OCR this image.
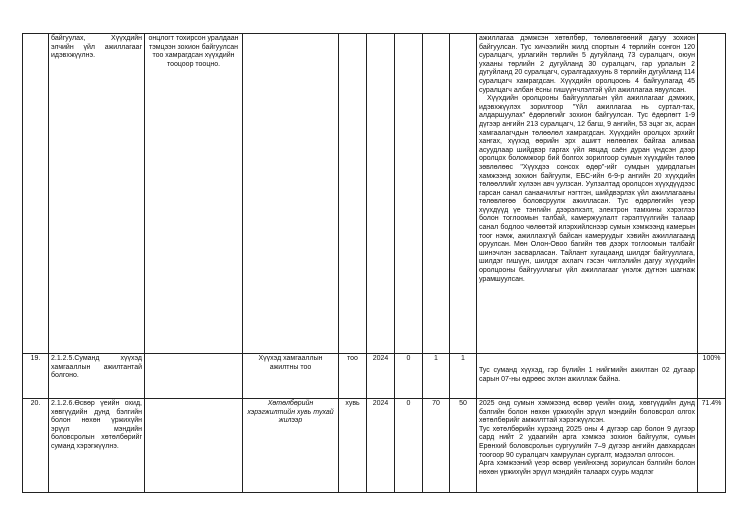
	байгуулах, Хүүхдийн элчийн үйл ажиллагааг идэвхжүүлнэ.	онцлогт тохирсон уралдаан тэмцээн зохион байгуулсан тоо хамрагдсан хүүхдийн тооцоор тооцно.							ажиллагаа дэмжсэн хөтөлбөр, төлөвлөгөөний дагуу зохион байгуулсан. Тус хичээлийн жилд спортын 4 төрлийн сонгон 120 суралцагч, урлагийн төрлийн 5 дугуйланд 73 суралцагч, оюун ухааны төрлийн 2 дугуйланд 30 суралцагч, гар урлалын 2 дугуйланд 20 суралцагч, суралгадахуунь 8 төрлийн дугуйланд 114 суралцагч хамрагдсан. Хүүхдийн оролцоонь 4 байгуулагад 45 суралцагч албан ёсны гишүүнчлэлтэй үйл ажиллагаа явуулсан.
Хүүхдийн оролцооны байгууллагын үйл ажиллагааг дэмжих, идэвхжүүлэх зорилгоор "Үйл ажиллагаа нь суртал-тах, алдаршуулах" ёдөрлөгийг зохион байгуулсан. Тус ёдөрлөгт 1-9 дүгээр ангийн 213 суралцагч, 12 багш, 9 ангийн, 53 эцэг эх, асран хамгаалагчдын төлөөлөл хамрагдсан. Хүүхдийн оролцох эрхийг хангах, хүүхэд өөрийн эрх ашигт нөлөөлөх байгаа аливаа асуудлаар шийдвэр гаргах үйл явцад саён дуран үндсэн дээр оролцох боломжоор бий болгох зорилгоор сумын хүүхдийн төлөө зөвлөлөөс "Хүүхдээ сонсох өдөр"-ийг сумдын удирдлагын хамжээнд зохион байгуулж, ЕБС-ийн 6-9-р ангийн 20 хүүхдийн төлөөллийг хүлээн авч уулзсан. Уулзалтад оролцсон хүүхдүүдээс гарсан санал санаачилгыг нэгтгэн, шийдвэрлэх үйл ажиллагааны төлөвлөгөө боловсруулж ажилласан. Тус өдөрлөгийн үеэр хүүхдүүд үе тэнгийн дээрэлхэлт, электрон тамхины хэрэглээ болон тоглоомын талбай, камержуулалт гэрэлтүүлгийн талаар санал бодлоо чөлөөтэй илэрхийлснээр сумын хэмжээнд камерын тоог нэмж, ажиллахгүй байсан камеруудыг хэвийн ажиллагаанд оруулсан. Мөн Олон-Овоо багийн төв дээрх тоглоомын талбайг шинэчлэн засварласан. Тайлант хугацаанд шилдэг байгууллага, шилдэг гишүүн, шилдэг ахлагч гэсэн чиглэлийн дагуу хүүхдийн оролцооны байгууллагыг үйл ажиллагааг үнэлж дүгнэн шагнаж урамшуулсан.	

19.	2.1.2.5.Суманд хүүхэд хамгааллын ажилтантай болгоно.		Хүүхэд хамгааллын ажилтны тоо	тоо	2024	0	1	1	Тус суманд хүүхэд, гэр бүлийн 1 нийгмийн ажилтан 02 дугаар сарын 07-ны өдрөөс эхлэн ажиллаж байна.	100%
20.	2.1.2.6.Өсвөр үеийн охид, хөвгүүдийн дунд бэлгийн болон нөхөн үржихүйн эрүүл мэндийн боловсролын хөтөлбөрийг суманд хэрэгжүүлнэ.		Хөтөлбөрийн хэрэгжилтийн хувь тухай жилээр	хувь	2024	0	70	50	2025 онд сумын хэмжээнд өсвөр үеийн охид, хөвгүүдийн дунд бэлгийн болон нөхөн үржихүйн эрүүл мэндийн боловсрол олгох хөтөлбөрийг амжилттай хэрэгжүүлсэн.
Тус хөтөлбөрийн хүрээнд 2025 оны 4 дүгээр сар болон 9 дүгээр сард нийт 2 удаагийн арга хэмжээ зохион байгуулж, сумын Ерөнхий боловсролын сургуулийн 7–9 дүгээр ангийн давхардсан тоогоор 90 суралцагч хамруулан сургалт, мэдээлэл олгосон.
Арга хэмжээний үеэр өсвөр үеийнхэнд зориулсан бэлгийн болон нөхөн үржихүйн эрүүл мэндийн талаарх суурь мэдлэг	71.4%
